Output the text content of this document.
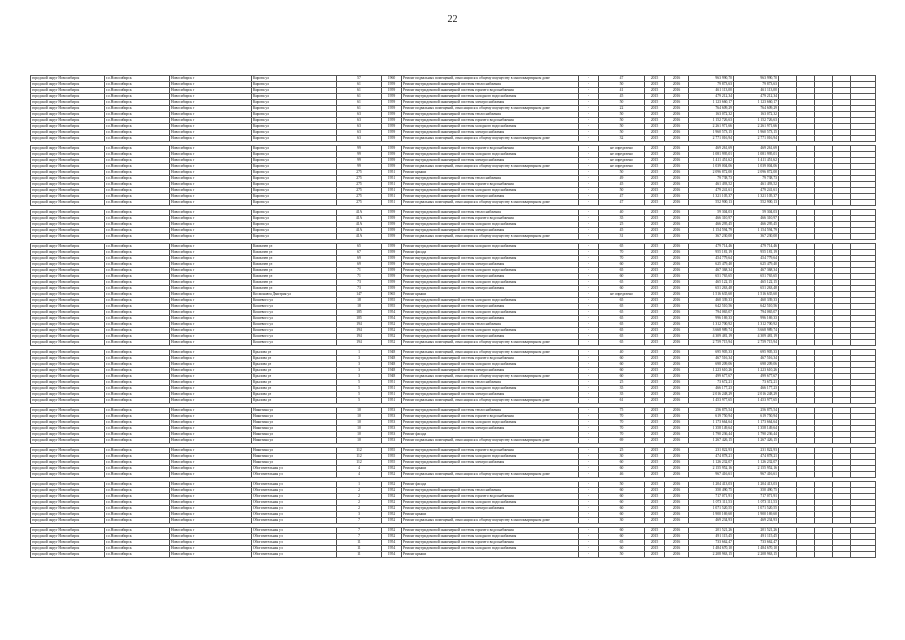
22
городской округ Новосибирск	г.о.Новосибирск	Новосибирск г	Кирова ул	57	1960	Ремонт подвальных помещений, относящихся к общему имуществу в многоквартирном доме	-	47	2015	2016	963 990,70	963 990,70					
городской округ Новосибирск	г.о.Новосибирск	Новосибирск г	Кирова ул	61	1959	Ремонт внутридомовой инженерной системы теплоснабжения	-	50	2015	2016	79 873,63	79 873,63					
городской округ Новосибирск	г.о.Новосибирск	Новосибирск г	Кирова ул	61	1959	Ремонт внутридомовой инженерной системы горячего водоснабжения	-	41	2015	2016	461 113,00	461 113,00					
городской округ Новосибирск	г.о.Новосибирск	Новосибирск г	Кирова ул	61	1959	Ремонт внутридомовой инженерной системы холодного водоснабжения	-	45	2015	2016	479 212,34	479 212,34					
городской округ Новосибирск	г.о.Новосибирск	Новосибирск г	Кирова ул	61	1959	Ремонт внутридомовой инженерной системы электроснабжения	-	50	2015	2016	1 123 660,17	1 123 660,17					
городской округ Новосибирск	г.о.Новосибирск	Новосибирск г	Кирова ул	61	1959	Ремонт подвальных помещений, относящихся к общему имуществу в многоквартирном доме	-	22	2015	2016	764 609,29	764 609,29					
городской округ Новосибирск	г.о.Новосибирск	Новосибирск г	Кирова ул	63	1959	Ремонт внутридомовой инженерной системы теплоснабжения	-	50	2015	2016	163 072,32	163 072,32					
городской округ Новосибирск	г.о.Новосибирск	Новосибирск г	Кирова ул	63	1959	Ремонт внутридомовой инженерной системы горячего водоснабжения	-	50	2015	2016	1 152 726,63	1 152 726,63					
городской округ Новосибирск	г.о.Новосибирск	Новосибирск г	Кирова ул	63	1959	Ремонт внутридомовой инженерной системы холодного водоснабжения	-	50	2015	2016	2 261 971,66	2 261 971,66					
городской округ Новосибирск	г.о.Новосибирск	Новосибирск г	Кирова ул	63	1959	Ремонт внутридомовой инженерной системы электроснабжения	-	50	2015	2016	1 960 573,15	1 960 573,15					
городской округ Новосибирск	г.о.Новосибирск	Новосибирск г	Кирова ул	63	1959	Ремонт подвальных помещений, относящихся к общему имуществу в многоквартирном доме	-	32	2015	2016	2 771 016,94	2 771 016,94					

городской округ Новосибирск	г.о.Новосибирск	Новосибирск г	Кирова ул	99	1959	Ремонт внутридомовой инженерной системы горячего водоснабжения	-	не определено	2015	2016	469 261,69	469 261,69					
городской округ Новосибирск	г.о.Новосибирск	Новосибирск г	Кирова ул	99	1959	Ремонт внутридомовой инженерной системы холодного водоснабжения	-	не определено	2015	2016	1 081 995,01	1 081 995,01					
городской округ Новосибирск	г.о.Новосибирск	Новосибирск г	Кирова ул	99	1959	Ремонт внутридомовой инженерной системы электроснабжения	-	не определено	2015	2016	1 411 451,62	1 411 451,62					
городской округ Новосибирск	г.о.Новосибирск	Новосибирск г	Кирова ул	99	1959	Ремонт подвальных помещений, относящихся к общему имуществу в многоквартирном доме	-	не определено	2015	2016	1 039 004,06	1 039 004,06					
городской округ Новосибирск	г.о.Новосибирск	Новосибирск г	Кирова ул	275	1951	Ремонт крыши	-	50	2015	2016	2 096 872,00	2 096 872,00					
городской округ Новосибирск	г.о.Новосибирск	Новосибирск г	Кирова ул	275	1951	Ремонт внутридомовой инженерной системы теплоснабжения	-	49	2015	2016	79 738,73	79 738,73					
городской округ Новосибирск	г.о.Новосибирск	Новосибирск г	Кирова ул	275	1951	Ремонт внутридомовой инженерной системы горячего водоснабжения	-	45	2015	2016	461 493,52	461 493,52					
городской округ Новосибирск	г.о.Новосибирск	Новосибирск г	Кирова ул	275	1951	Ремонт внутридомовой инженерной системы холодного водоснабжения	-	50	2015	2016	479 241,61	479 241,61					
городской округ Новосибирск	г.о.Новосибирск	Новосибирск г	Кирова ул	275	1951	Ремонт внутридомовой инженерной системы электроснабжения	-	47	2015	2016	1 321 105,37	1 321 105,37					
городской округ Новосибирск	г.о.Новосибирск	Новосибирск г	Кирова ул	275	1951	Ремонт подвальных помещений, относящихся к общему имуществу в многоквартирном доме	-	47	2015	2016	552 900,13	552 900,13					

городской округ Новосибирск	г.о.Новосибирск	Новосибирск г	Кирова ул	41А	1959	Ремонт внутридомовой инженерной системы теплоснабжения	-	40	2015	2016	59 304,03	59 304,03					
городской округ Новосибирск	г.о.Новосибирск	Новосибирск г	Кирова ул	41А	1959	Ремонт внутридомовой инженерной системы горячего водоснабжения	-	35	2015	2016	466 310,97	466 310,97					
городской округ Новосибирск	г.о.Новосибирск	Новосибирск г	Кирова ул	41А	1959	Ремонт внутридомовой инженерной системы холодного водоснабжения	-	25	2015	2016	466 295,45	466 295,45					
городской округ Новосибирск	г.о.Новосибирск	Новосибирск г	Кирова ул	41А	1959	Ремонт внутридомовой инженерной системы электроснабжения	-	45	2015	2016	1 154 594,79	1 154 594,79					
городской округ Новосибирск	г.о.Новосибирск	Новосибирск г	Кирова ул	41А	1959	Ремонт подвальных помещений, относящихся к общему имуществу в многоквартирном доме	-	31	2015	2016	367 230,00	367 230,00					

городской округ Новосибирск	г.о.Новосибирск	Новосибирск г	Кимзачев ул	65	1959	Ремонт внутридомовой инженерной системы холодного водоснабжения	-	65	2015	2016	479 714,46	479 714,46					
городской округ Новосибирск	г.о.Новосибирск	Новосибирск г	Кимзачев ул	67	1959	Ремонт фасада	-	70	2015	2016	955 181,19	955 181,19					
городской округ Новосибирск	г.о.Новосибирск	Новосибирск г	Кимзачев ул	69	1959	Ремонт внутридомовой инженерной системы холодного водоснабжения	-	70	2015	2016	454 779,64	454 779,64					
городской округ Новосибирск	г.о.Новосибирск	Новосибирск г	Кимзачев ул	69	1959	Ремонт внутридомовой инженерной системы электроснабжения	-	60	2015	2016	625 479,40	625 479,40					
городской округ Новосибирск	г.о.Новосибирск	Новосибирск г	Кимзачев ул	71	1959	Ремонт внутридомовой инженерной системы холодного водоснабжения	-	65	2015	2016	467 368,34	467 368,34					
городской округ Новосибирск	г.о.Новосибирск	Новосибирск г	Кимзачев ул	71	1959	Ремонт внутридомовой инженерной системы электроснабжения	-	60	2015	2016	651 765,65	651 765,65					
городской округ Новосибирск	г.о.Новосибирск	Новосибирск г	Кимзачев ул	73	1959	Ремонт внутридомовой инженерной системы холодного водоснабжения	-	65	2015	2016	465 122,15	465 122,15					
городской округ Новосибирск	г.о.Новосибирск	Новосибирск г	Кимзачев ул	73	1959	Ремонт внутридомовой инженерной системы электроснабжения	-	60	2015	2016	651 263,48	651 263,48					
городской округ Новосибирск	г.о.Новосибирск	Новосибирск г	Космонавта Дмитрия ул	147	1965	Ремонт крыши	-	не определено	2015	2016	1 516 635,60	1 516 635,60					
городской округ Новосибирск	г.о.Новосибирск	Новосибирск г	Кошевого ул	18	1955	Ремонт внутридомовой инженерной системы холодного водоснабжения	-	65	2015	2016	460 339,33	460 339,33					
городской округ Новосибирск	г.о.Новосибирск	Новосибирск г	Кошевого ул	18	1955	Ремонт внутридомовой инженерной системы электроснабжения	-	65	2015	2016	642 510,56	642 510,56					
городской округ Новосибирск	г.о.Новосибирск	Новосибирск г	Кошевого ул	185	1954	Ремонт внутридомовой инженерной системы холодного водоснабжения	-	65	2015	2016	794 065,07	794 065,07					
городской округ Новосибирск	г.о.Новосибирск	Новосибирск г	Кошевого ул	185	1954	Ремонт внутридомовой инженерной системы электроснабжения	-	65	2015	2016	996 169,33	996 169,33					
городской округ Новосибирск	г.о.Новосибирск	Новосибирск г	Кошевого ул	194	1952	Ремонт внутридомовой инженерной системы теплоснабжения	-	65	2015	2016	1 312 700,92	1 312 700,92					
городской округ Новосибирск	г.о.Новосибирск	Новосибирск г	Кошевого ул	194	1952	Ремонт внутридомовой инженерной системы холодного водоснабжения	-	65	2015	2016	3 668 989,74	3 668 989,74					
городской округ Новосибирск	г.о.Новосибирск	Новосибирск г	Кошевого ул	194	1952	Ремонт внутридомовой инженерной системы электроснабжения	-	65	2015	2016	4 309 481,19	4 309 481,19					
городской округ Новосибирск	г.о.Новосибирск	Новосибирск г	Кошевого ул	194	1952	Ремонт подвальных помещений, относящихся к общему имуществу в многоквартирном доме	-	65	2015	2016	2 759 715,94	2 759 715,94					

городской округ Новосибирск	г.о.Новосибирск	Новосибирск г	Крылова ул	1	1948	Ремонт подвальных помещений, относящихся к общему имуществу в многоквартирном доме	-	40	2015	2016	695 905,33	695 905,33					
городской округ Новосибирск	г.о.Новосибирск	Новосибирск г	Крылова ул	3	1948	Ремонт внутридомовой инженерной системы горячего водоснабжения	-	60	2015	2016	467 516,34	467 516,34					
городской округ Новосибирск	г.о.Новосибирск	Новосибирск г	Крылова ул	3	1948	Ремонт внутридомовой инженерной системы холодного водоснабжения	-	60	2015	2016	698 209,06	698 209,06					
городской округ Новосибирск	г.о.Новосибирск	Новосибирск г	Крылова ул	3	1948	Ремонт внутридомовой инженерной системы электроснабжения	-	60	2015	2016	1 223 610,26	1 223 610,26					
городской округ Новосибирск	г.о.Новосибирск	Новосибирск г	Крылова ул	3	1948	Ремонт подвальных помещений, относящихся к общему имуществу в многоквартирном доме	-	60	2015	2016	499 677,67	499 677,67					
городской округ Новосибирск	г.о.Новосибирск	Новосибирск г	Крылова ул	5	1951	Ремонт внутридомовой инженерной системы теплоснабжения	-	25	2015	2016	73 672,21	73 672,21					
городской округ Новосибирск	г.о.Новосибирск	Новосибирск г	Крылова ул	5	1951	Ремонт внутридомовой инженерной системы холодного водоснабжения	-	35	2015	2016	466 177,23	466 177,23					
городской округ Новосибирск	г.о.Новосибирск	Новосибирск г	Крылова ул	5	1951	Ремонт внутридомовой инженерной системы электроснабжения	-	35	2015	2016	2 016 248,29	2 016 248,29					
городской округ Новосибирск	г.о.Новосибирск	Новосибирск г	Крылова ул	5	1951	Ремонт подвальных помещений, относящихся к общему имуществу в многоквартирном доме	-	61	2015	2016	1 453 977,65	1 453 977,65					

городской округ Новосибирск	г.о.Новосибирск	Новосибирск г	Никитина ул	10	1953	Ремонт внутридомовой инженерной системы теплоснабжения	-	75	2015	2016	256 875,54	256 875,54					
городской округ Новосибирск	г.о.Новосибирск	Новосибирск г	Никитина ул	10	1953	Ремонт внутридомовой инженерной системы горячего водоснабжения	-	70	2015	2016	619 750,94	619 750,94					
городской округ Новосибирск	г.о.Новосибирск	Новосибирск г	Никитина ул	10	1953	Ремонт внутридомовой инженерной системы холодного водоснабжения	-	70	2015	2016	1 173 664,64	1 173 664,64					
городской округ Новосибирск	г.о.Новосибирск	Новосибирск г	Никитина ул	10	1953	Ремонт внутридомовой инженерной системы электроснабжения	-	70	2015	2016	1 358 149,64	1 358 149,64					
городской округ Новосибирск	г.о.Новосибирск	Новосибирск г	Никитина ул	10	1953	Ремонт фасада	-	70	2015	2016	1 790 236,44	1 790 236,44					
городской округ Новосибирск	г.о.Новосибирск	Новосибирск г	Никитина ул	10	1953	Ремонт подвальных помещений, относящихся к общему имуществу в многоквартирном доме	-	69	2015	2016	1 267 426,15	1 267 426,15					

городской округ Новосибирск	г.о.Новосибирск	Новосибирск г	Никитина ул	112	1955	Ремонт внутридомовой инженерной системы горячего водоснабжения	-	25	2015	2016	231 822,93	231 822,93					
городской округ Новосибирск	г.о.Новосибирск	Новосибирск г	Никитина ул	112	1955	Ремонт внутридомовой инженерной системы холодного водоснабжения	-	30	2015	2016	474 878,21	474 878,21					
городской округ Новосибирск	г.о.Новосибирск	Новосибирск г	Никитина ул	112	1955	Ремонт внутридомовой инженерной системы электроснабжения	-	60	2015	2016	1 126 232,07	1 126 232,07					
городской округ Новосибирск	г.о.Новосибирск	Новосибирск г	Обогатительная ул	4	1952	Ремонт крыши	-	60	2015	2016	2 155 952,16	2 155 952,16					
городской округ Новосибирск	г.о.Новосибирск	Новосибирск г	Обогатительная ул	4	1952	Ремонт подвальных помещений, относящихся к общему имуществу в многоквартирном доме	-	46	2015	2016	967 416,61	967 416,61					

городской округ Новосибирск	г.о.Новосибирск	Новосибирск г	Обогатительная ул	1	1952	Ремонт фасада	-	50	2015	2016	1 204 413,03	1 204 413,03					
городской округ Новосибирск	г.о.Новосибирск	Новосибирск г	Обогатительная ул	2	1952	Ремонт внутридомовой инженерной системы теплоснабжения	-	60	2015	2016	350 490,75	350 490,75					
городской округ Новосибирск	г.о.Новосибирск	Новосибирск г	Обогатительная ул	2	1952	Ремонт внутридомовой инженерной системы горячего водоснабжения	-	60	2015	2016	717 071,91	717 071,91					
городской округ Новосибирск	г.о.Новосибирск	Новосибирск г	Обогатительная ул	2	1952	Ремонт внутридомовой инженерной системы холодного водоснабжения	-	60	2015	2016	1 073 111,53	1 073 111,53					
городской округ Новосибирск	г.о.Новосибирск	Новосибирск г	Обогатительная ул	2	1952	Ремонт внутридомовой инженерной системы электроснабжения	-	60	2015	2016	1 071 520,55	1 071 520,55					
городской округ Новосибирск	г.о.Новосибирск	Новосибирск г	Обогатительная ул	3	1952	Ремонт крыши	-	60	2015	2016	1 900 169,60	1 900 169,60					
городской округ Новосибирск	г.о.Новосибирск	Новосибирск г	Обогатительная ул	7	1952	Ремонт подвальных помещений, относящихся к общему имуществу в многоквартирном доме	-	30	2015	2016	469 234,93	469 234,93					

городской округ Новосибирск	г.о.Новосибирск	Новосибирск г	Обогатительная ул	7	1952	Ремонт внутридомовой инженерной системы горячего водоснабжения	-	60	2015	2016	201 521,26	201 521,26					
городской округ Новосибирск	г.о.Новосибирск	Новосибирск г	Обогатительная ул	7	1952	Ремонт внутридомовой инженерной системы холодного водоснабжения	-	60	2015	2016	491 115,45	491 115,45					
городской округ Новосибирск	г.о.Новосибирск	Новосибирск г	Обогатительная ул	11	1954	Ремонт внутридомовой инженерной системы горячего водоснабжения	-	65	2015	2016	733 662,47	733 662,47					
городской округ Новосибирск	г.о.Новосибирск	Новосибирск г	Обогатительная ул	11	1954	Ремонт внутридомовой инженерной системы холодного водоснабжения	-	60	2015	2016	1 484 670,10	1 484 670,10					
городской округ Новосибирск	г.о.Новосибирск	Новосибирск г	Обогатительная ул	11	1954	Ремонт крыши	-	50	2015	2016	2 208 963,15	2 208 963,15					
